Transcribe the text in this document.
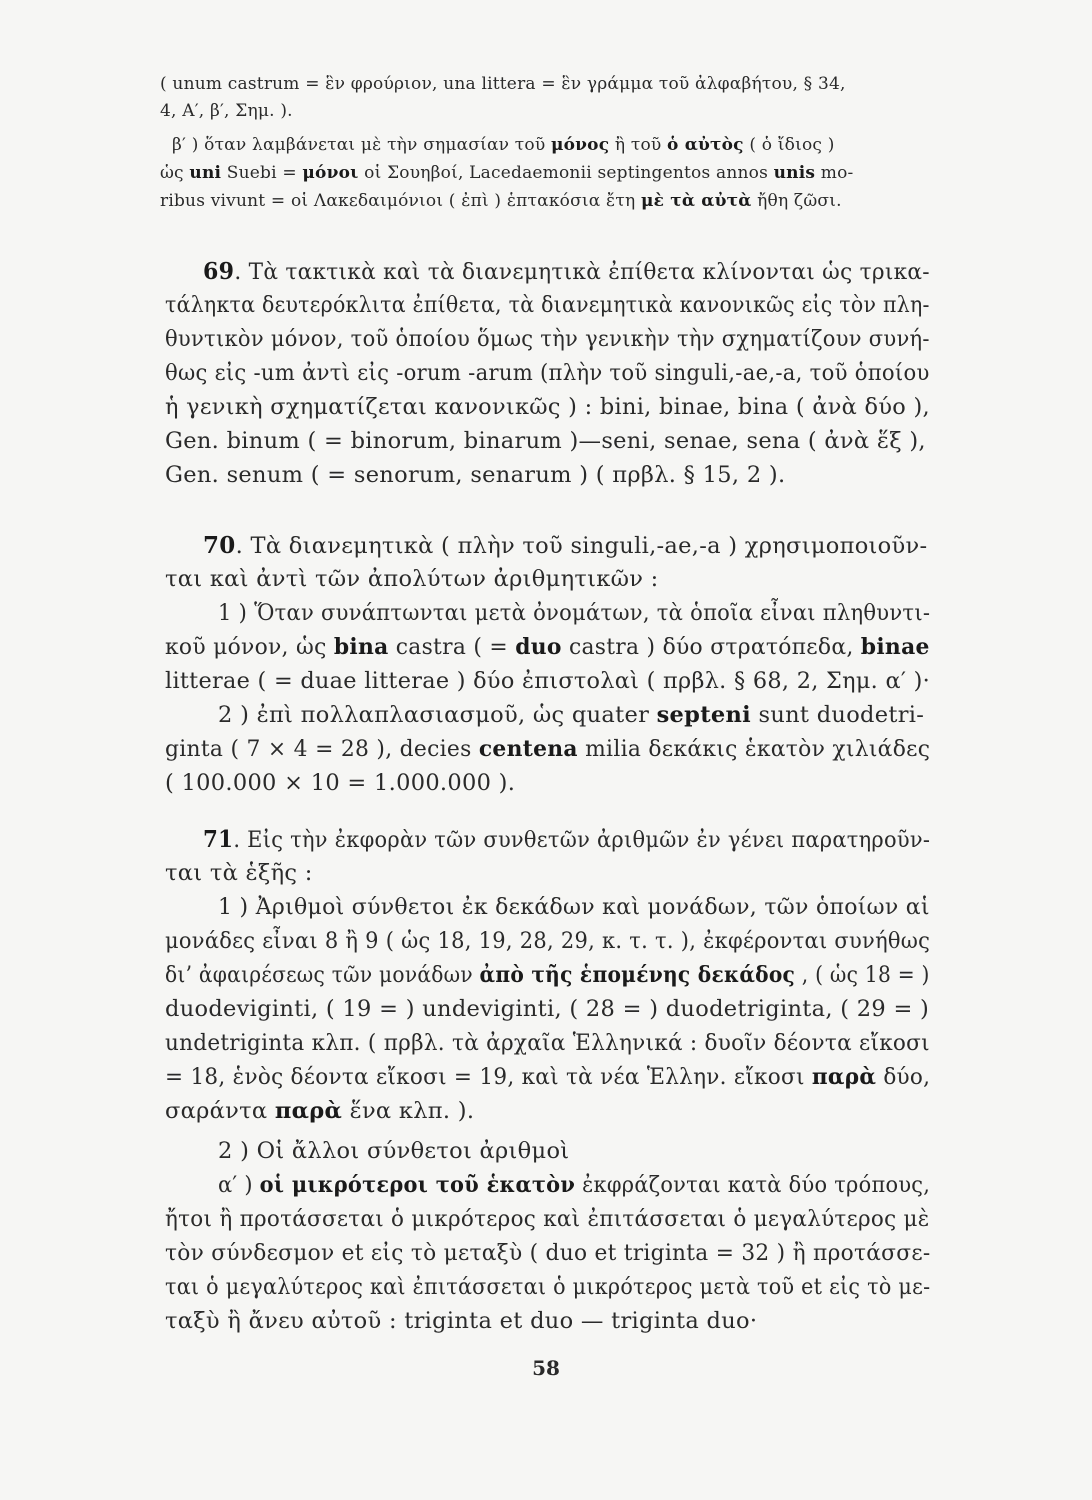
( unum castrum = ἓν φρούριον, una littera = ἓν γράμμα τοῦ ἀλφαβήτου, § 34,
4, Α′, β′, Σημ. ).
β′ ) ὅταν λαμβάνεται μὲ τὴν σημασίαν τοῦ μόνος ἢ τοῦ ὁ αὐτὸς ( ὁ ἴδιος )
ὡς uni Suebi = μόνοι οἱ Σουηβοί, Lacedaemonii septingentos annos unis mo-
ribus vivunt = οἱ Λακεδαιμόνιοι ( ἐπὶ ) ἑπτακόσια ἔτη μὲ τὰ αὐτὰ ἤθη ζῶσι.
69. Τὰ τακτικὰ καὶ τὰ διανεμητικὰ ἐπίθετα κλίνονται ὡς τρικα-
τάληκτα δευτερόκλιτα ἐπίθετα, τὰ διανεμητικὰ κανονικῶς εἰς τὸν πλη-
θυντικὸν μόνον, τοῦ ὁποίου ὅμως τὴν γενικὴν τὴν σχηματίζουν συνή-
θως εἰς -um ἀντὶ εἰς -orum -arum (πλὴν τοῦ singuli,-ae,-a, τοῦ ὁποίου
ἡ γενικὴ σχηματίζεται κανονικῶς ) : bini, binae, bina ( ἀνὰ δύο ),
Gen. binum ( = binorum, binarum )—seni, senae, sena ( ἀνὰ ἕξ ),
Gen. senum ( = senorum, senarum ) ( πρβλ. § 15, 2 ).
70. Τὰ διανεμητικὰ ( πλὴν τοῦ singuli,-ae,-a ) χρησιμοποιοῦν-
ται καὶ ἀντὶ τῶν ἀπολύτων ἀριθμητικῶν :
1 ) Ὅταν συνάπτωνται μετὰ ὀνομάτων, τὰ ὁποῖα εἶναι πληθυντι-
κοῦ μόνον, ὡς bina castra ( = duo castra ) δύο στρατόπεδα, binae
litterae ( = duae litterae ) δύο ἐπιστολαὶ ( πρβλ. § 68, 2, Σημ. α′ )·
2 ) ἐπὶ πολλαπλασιασμοῦ, ὡς quater septeni sunt duodetri-
ginta ( 7 × 4 = 28 ), decies centena milia δεκάκις ἑκατὸν χιλιάδες
( 100.000 × 10 = 1.000.000 ).
71. Εἰς τὴν ἐκφορὰν τῶν συνθετῶν ἀριθμῶν ἐν γένει παρατηροῦν-
ται τὰ ἑξῆς :
1 ) Ἀριθμοὶ σύνθετοι ἐκ δεκάδων καὶ μονάδων, τῶν ὁποίων αἱ
μονάδες εἶναι 8 ἢ 9 ( ὡς 18, 19, 28, 29, κ. τ. τ. ), ἐκφέρονται συνήθως
δι’ ἀφαιρέσεως τῶν μονάδων ἀπὸ τῆς ἑπομένης δεκάδος , ( ὡς 18 = )
duodeviginti, ( 19 = ) undeviginti, ( 28 = ) duodetriginta, ( 29 = )
undetriginta κλπ. ( πρβλ. τὰ ἀρχαῖα Ἑλληνικά : δυοῖν δέοντα εἴκοσι
= 18, ἑνὸς δέοντα εἴκοσι = 19, καὶ τὰ νέα Ἑλλην. εἴκοσι παρὰ δύο,
σαράντα παρὰ ἕνα κλπ. ).
2 ) Οἱ ἄλλοι σύνθετοι ἀριθμοὶ
α′ ) οἱ μικρότεροι τοῦ ἑκατὸν ἐκφράζονται κατὰ δύο τρόπους,
ἤτοι ἢ προτάσσεται ὁ μικρότερος καὶ ἐπιτάσσεται ὁ μεγαλύτερος μὲ
τὸν σύνδεσμον et εἰς τὸ μεταξὺ ( duo et triginta = 32 ) ἢ προτάσσε-
ται ὁ μεγαλύτερος καὶ ἐπιτάσσεται ὁ μικρότερος μετὰ τοῦ et εἰς τὸ με-
ταξὺ ἢ ἄνευ αὐτοῦ : triginta et duo — triginta duo·
58
